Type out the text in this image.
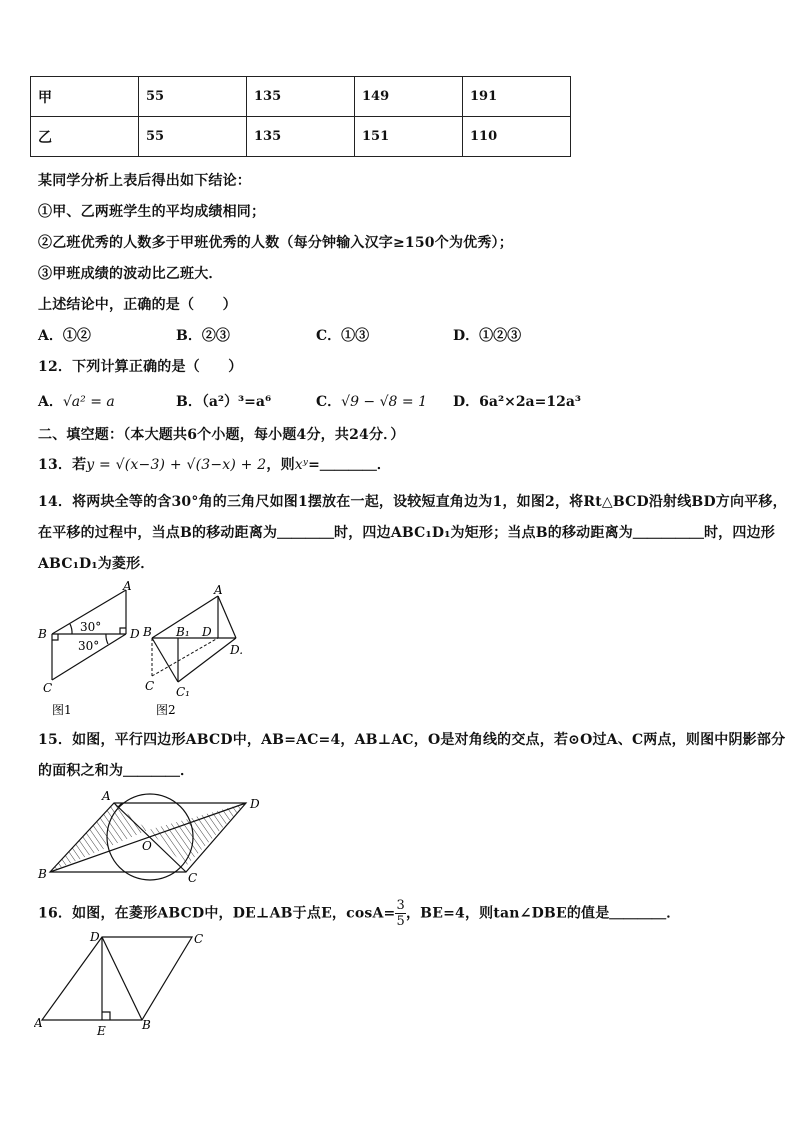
甲	55	135	149	191
乙	55	135	151	110
某同学分析上表后得出如下结论：
①甲、乙两班学生的平均成绩相同；
②乙班优秀的人数多于甲班优秀的人数（每分钟输入汉字≥150个为优秀）；
③甲班成绩的波动比乙班大．
上述结论中，正确的是（　　）
A．①②	B．②③	C．①③	D．①②③
12．下列计算正确的是（　　）
A．√a² = a	B．（a²）³=a⁶	C．√9 − √8 = 1 D．6a²×2a=12a³
二、填空题：（本大题共6个小题，每小题4分，共24分．）
13．若y = √(x−3) + √(3−x) + 2，则xʸ=＿＿＿＿．
14．将两块全等的含30°角的三角尺如图1摆放在一起，设较短直角边为1，如图2，将Rt△BCD沿射线BD方向平移，
在平移的过程中，当点B的移动距离为＿＿＿＿时，四边ABC₁D₁为矩形；当点B的移动距离为＿＿＿＿＿时，四边形
ABC₁D₁为菱形．
A
B	D
C
30°
30°
图1
A
B B₁ D
D.
C C₁
图2
15．如图，平行四边形ABCD中，AB=AC=4，AB⊥AC，O是对角线的交点，若⊙O过A、C两点，则图中阴影部分
的面积之和为＿＿＿＿．
A
B	C
D
O
16．如图，在菱形ABCD中，DE⊥AB于点E，$\cos A= \frac{3}{5}$ ，BE=4，则tan∠DBE的值是＿＿＿＿．
A	B
C
D
E
